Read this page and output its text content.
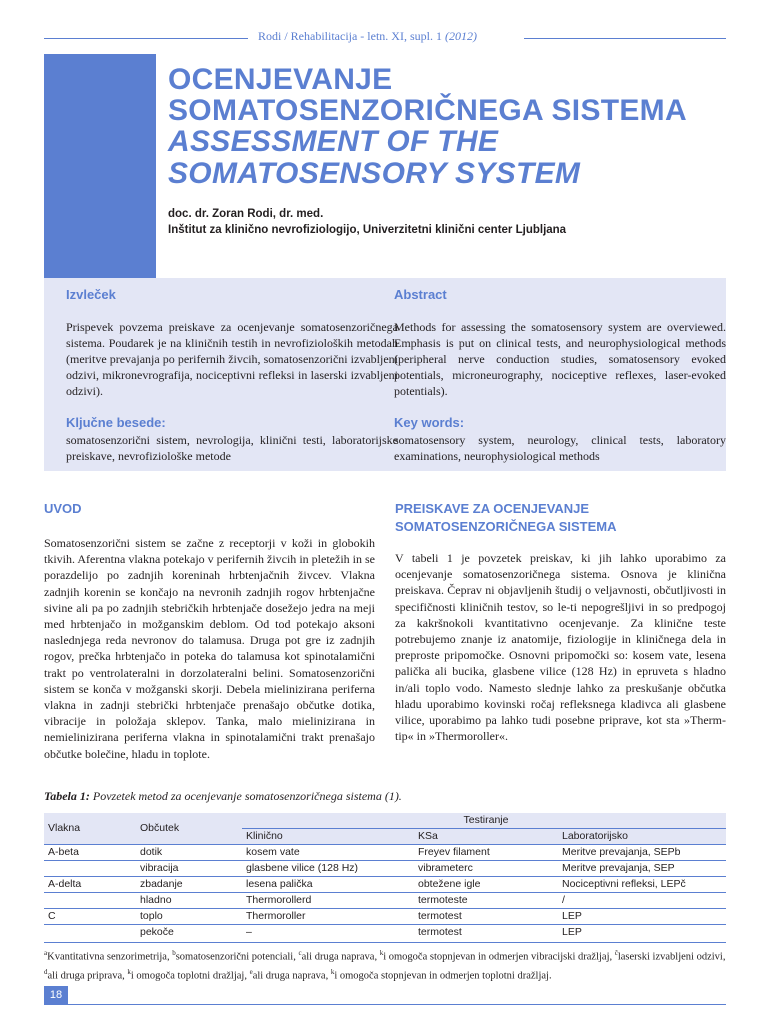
Rodi / Rehabilitacija - letn. XI, supl. 1 (2012)
OCENJEVANJE
SOMATOSENZORIČNEGA SISTEMA
ASSESSMENT OF THE
SOMATOSENSORY SYSTEM

doc. dr. Zoran Rodi, dr. med.

Inštitut za klinično nevrofiziologijo, Univerzitetni klinični center Ljubljana

Izvleček

Prispevek povzema preiskave za ocenjevanje somatosenzoričnega sistema. Poudarek je na kliničnih testih in nevrofizioloških metodah (meritve prevajanja po perifernih živcih, somatosenzorični izvabljeni odzivi, mikronevrografija, nociceptivni refleksi in laserski izvabljeni odzivi).

Ključne besede:

somatosenzorični sistem, nevrologija, klinični testi, laboratorijske preiskave, nevrofiziološke metode

Abstract

Methods for assessing the somatosensory system are overviewed. Emphasis is put on clinical tests, and neurophysiological methods (peripheral nerve conduction studies, somatosensory evoked potentials, microneurography, nociceptive reflexes, laser-evoked potentials).

Key words:

somatosensory system, neurology, clinical tests, laboratory examinations, neurophysiological methods

UVOD

Somatosenzorični sistem se začne z receptorji v koži in globokih tkivih. Aferentna vlakna potekajo v perifernih živcih in pletežih in se porazdelijo po zadnjih koreninah hrbtenjačnih živcev. Vlakna zadnjih korenin se končajo na nevronih zadnjih rogov hrbtenjačne sivine ali pa po zadnjih stebričkih hrbtenjače dosežejo jedra na meji med hrbtenjačo in možganskim deblom. Od tod potekajo aksoni naslednjega reda nevronov do talamusa. Druga pot gre iz zadnjih rogov, prečka hrbtenjačo in poteka do talamusa kot spinotalamični trakt po ventrolateralni in dorzolateralni belini. Somatosenzorični sistem se konča v možganski skorji. Debela mielinizirana periferna vlakna in zadnji stebrički hrbtenjače prenašajo občutke dotika, vibracije in položaja sklepov. Tanka, malo mielinizirana in nemielinizirana periferna vlakna in spinotalamični trakt prenašajo občutke bolečine, hladu in toplote.

PREISKAVE ZA OCENJEVANJE
SOMATOSENZORIČNEGA SISTEMA

V tabeli 1 je povzetek preiskav, ki jih lahko uporabimo za ocenjevanje somatosenzoričnega sistema. Osnova je klinična preiskava. Čeprav ni objavljenih študij o veljavnosti, občutljivosti in specifičnosti kliničnih testov, so le-ti nepogrešljivi in so predpogoj za kakršnokoli kvantitativno ocenjevanje. Za klinične teste potrebujemo znanje iz anatomije, fiziologije in kliničnega dela in preproste pripomočke. Osnovni pripomočki so: kosem vate, lesena palička ali bucika, glasbene vilice (128 Hz) in epruveta s hladno in/ali toplo vodo. Namesto slednje lahko za preskušanje občutka hladu uporabimo kovinski ročaj refleksnega kladivca ali glasbene vilice, uporabimo pa lahko tudi posebne priprave, kot sta »Therm-tip« in »Thermoroller«.

Tabela 1: Povzetek metod za ocenjevanje somatosenzoričnega sistema (1).

Vlakna	Občutek	Testiranje		
		Klinično	KSa	Laboratorijsko
A-beta	dotik	kosem vate	Freyev filament	Meritve prevajanja, SEPb
	vibracija	glasbene vilice (128 Hz)	vibrameterc	Meritve prevajanja, SEP
A-delta	zbadanje	lesena palička	obtežene igle	Nociceptivni refleksi, LEPč
	hladno	Thermorollerd	termoteste	/
C	toplo	Thermoroller	termotest	LEP
	pekoče	–	termotest	LEP

$^a$Kvantitativna senzorimetrija, $^b$somatosenzorični potenciali, $^c$ali druga naprava, $^k$i omogoča stopnjevan in odmerjen vibracijski dražljaj, $^č$laserski izvabljeni odzivi, $^d$ali druga priprava, $^k$i omogoča toplotni dražljaj, $^e$ali druga naprava, $^k$i omogoča stopnjevan in odmerjen toplotni dražljaj.

18
